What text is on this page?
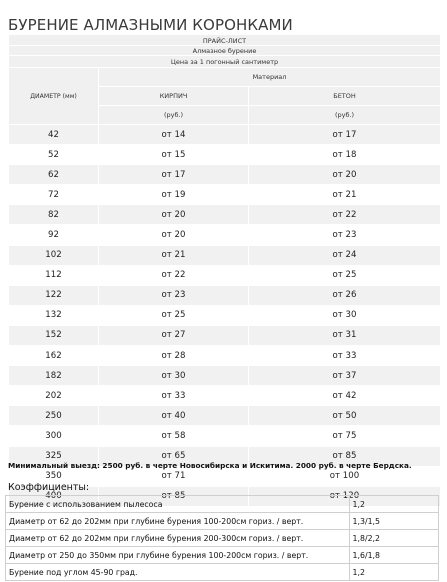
БУРЕНИЕ АЛМАЗНЫМИ КОРОНКАМИ
ПРАЙС-ЛИСТ		
Алмазное бурение		
Цена за 1 погонный сантиметр		
ДИАМЕТР (мм)	Материал	
	КИРПИЧ	БЕТОН
	(руб.)	(руб.)
42	от 14	от 17
52	от 15	от 18
62	от 17	от 20
72	от 19	от 21
82	от 20	от 22
92	от 20	от 23
102	от 21	от 24
112	от 22	от 25
122	от 23	от 26
132	от 25	от 30
152	от 27	от 31
162	от 28	от 33
182	от 30	от 37
202	от 33	от 42
250	от 40	от 50
300	от 58	от 75
325	от 65	от 85
350	от 71	от 100
400	от 85	от 120
Минимальный выезд: 2500 руб. в черте Новосибирска и Искитима. 2000 руб. в черте Бердска.
Коэффициенты:
Бурение с использованием пылесоса	1,2
Диаметр от 62 до 202мм при глубине бурения 100-200см гориз. / верт.	1,3/1,5
Диаметр от 62 до 202мм при глубине бурения 200-300см гориз. / верт.	1,8/2,2
Диаметр от 250 до 350мм при глубине бурения 100-200см гориз. / верт.	1,6/1,8
Бурение под углом 45-90 град.	1,2
